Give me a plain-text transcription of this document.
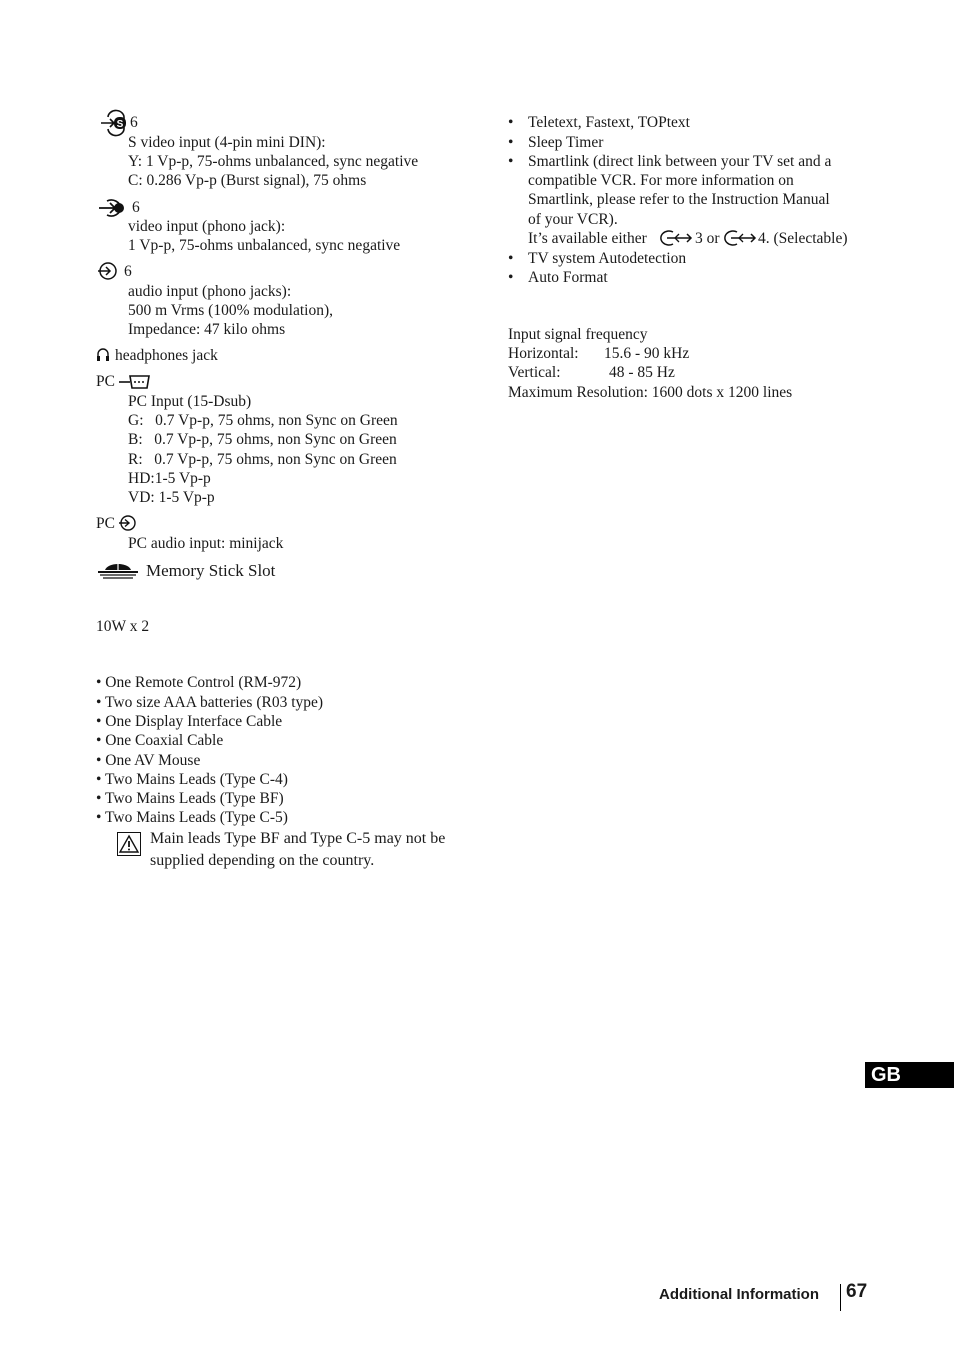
S 6
S video input (4-pin mini DIN):
Y: 1 Vp-p, 75-ohms unbalanced, sync negative
C: 0.286 Vp-p (Burst signal), 75 ohms
6
video input (phono jack):
1 Vp-p, 75-ohms unbalanced, sync negative
6
audio input (phono jacks):
500 m Vrms (100% modulation),
Impedance: 47 kilo ohms
headphones jack
PC
PC Input (15-Dsub)
G:   0.7 Vp-p, 75 ohms, non Sync on Green
B:   0.7 Vp-p, 75 ohms, non Sync on Green
R:   0.7 Vp-p, 75 ohms, non Sync on Green
HD:1-5 Vp-p
VD: 1-5 Vp-p
PC
PC audio input: minijack
Memory Stick Slot
10W x 2
• One Remote Control (RM-972)
• Two size AAA batteries (R03 type)
• One Display Interface Cable
• One Coaxial Cable
• One AV Mouse
• Two Mains Leads (Type C-4)
• Two Mains Leads (Type BF)
• Two Mains Leads (Type C-5)
Main leads Type BF and Type C-5 may not be supplied depending on the country.
• Teletext, Fastext, TOPtext
• Sleep Timer
• Smartlink (direct link between your TV set and a
compatible VCR. For more information on
Smartlink, please refer to the Instruction Manual
of your VCR).
It’s available either	3 or 4. (Selectable)
• TV system Autodetection
• Auto Format
Input signal frequency
Horizontal: 15.6 - 90 kHz
Vertical:	48 - 85 Hz
Maximum Resolution: 1600 dots x 1200 lines
GB
Additional Information 67
